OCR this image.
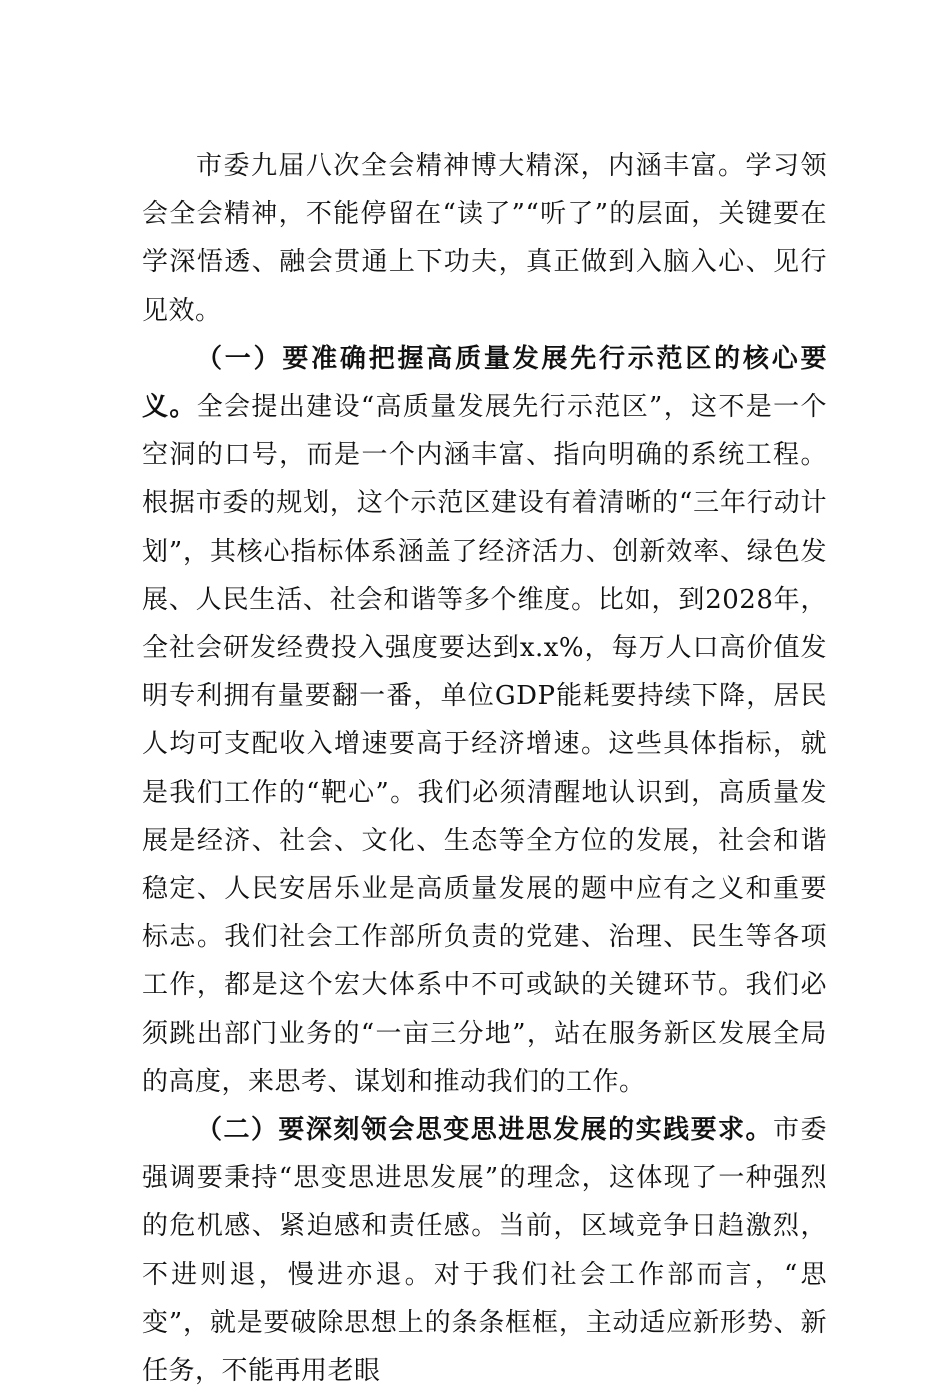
市委九届八次全会精神博大精深，内涵丰富。学习领会全会精神，不能停留在“读了”“听了”的层面，关键要在学深悟透、融会贯通上下功夫，真正做到入脑入心、见行见效。

（一）要准确把握高质量发展先行示范区的核心要义。全会提出建设“高质量发展先行示范区”，这不是一个空洞的口号，而是一个内涵丰富、指向明确的系统工程。根据市委的规划，这个示范区建设有着清晰的“三年行动计划”，其核心指标体系涵盖了经济活力、创新效率、绿色发展、人民生活、社会和谐等多个维度。比如，到2028年，全社会研发经费投入强度要达到x.x%，每万人口高价值发明专利拥有量要翻一番，单位GDP能耗要持续下降，居民人均可支配收入增速要高于经济增速。这些具体指标，就是我们工作的“靶心”。我们必须清醒地认识到，高质量发展是经济、社会、文化、生态等全方位的发展，社会和谐稳定、人民安居乐业是高质量发展的题中应有之义和重要标志。我们社会工作部所负责的党建、治理、民生等各项工作，都是这个宏大体系中不可或缺的关键环节。我们必须跳出部门业务的“一亩三分地”，站在服务新区发展全局的高度，来思考、谋划和推动我们的工作。

（二）要深刻领会思变思进思发展的实践要求。市委强调要秉持“思变思进思发展”的理念，这体现了一种强烈的危机感、紧迫感和责任感。当前，区域竞争日趋激烈，不进则退，慢进亦退。对于我们社会工作部而言，“思变”，就是要破除思想上的条条框框，主动适应新形势、新任务，不能再用老眼
